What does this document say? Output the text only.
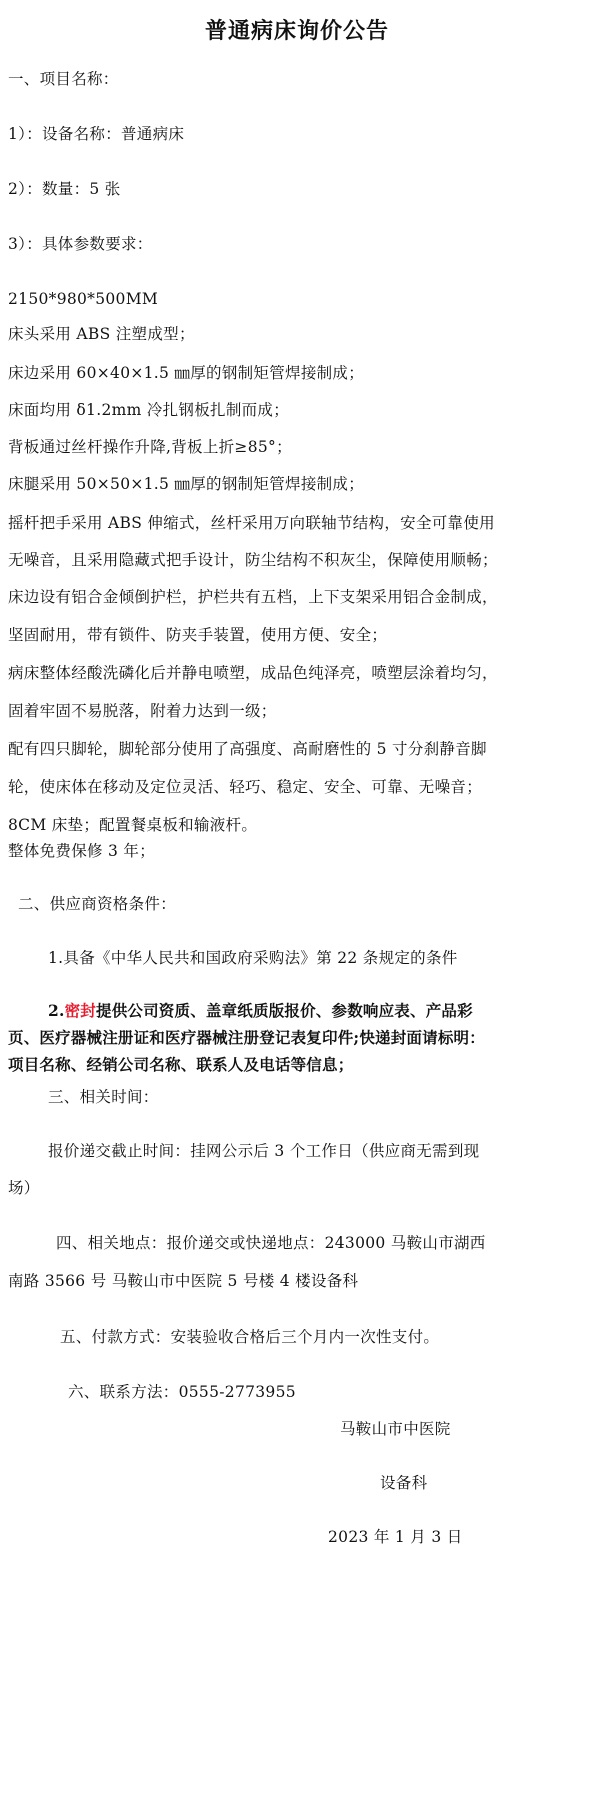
普通病床询价公告

一、项目名称：

1）：设备名称：普通病床

2）：数量：5 张

3）：具体参数要求：

2150*980*500MM

床头采用 ABS 注塑成型；

床边采用 60×40×1.5 ㎜厚的钢制矩管焊接制成；

床面均用 δ1.2mm 冷扎钢板扎制而成；

背板通过丝杆操作升降,背板上折≥85°；

床腿采用 50×50×1.5 ㎜厚的钢制矩管焊接制成；

摇杆把手采用 ABS 伸缩式，丝杆采用万向联轴节结构，安全可靠使用

无噪音，且采用隐藏式把手设计，防尘结构不积灰尘，保障使用顺畅；

床边设有铝合金倾倒护栏，护栏共有五档，上下支架采用铝合金制成，

坚固耐用，带有锁件、防夹手装置，使用方便、安全；

病床整体经酸洗磷化后并静电喷塑，成品色纯泽亮，喷塑层涂着均匀，

固着牢固不易脱落，附着力达到一级；

配有四只脚轮，脚轮部分使用了高强度、高耐磨性的 5 寸分刹静音脚

轮，使床体在移动及定位灵活、轻巧、稳定、安全、可靠、无噪音；

8CM 床垫；配置餐桌板和输液杆。

整体免费保修 3 年；

二、供应商资格条件：

1.具备《中华人民共和国政府采购法》第 22 条规定的条件

2.密封提供公司资质、盖章纸质版报价、参数响应表、产品彩

页、医疗器械注册证和医疗器械注册登记表复印件;快递封面请标明：

项目名称、经销公司名称、联系人及电话等信息；

三、相关时间：

报价递交截止时间：挂网公示后 3 个工作日（供应商无需到现

场）

四、相关地点：报价递交或快递地点：243000 马鞍山市湖西

南路 3566 号 马鞍山市中医院 5 号楼 4 楼设备科

五、付款方式：安装验收合格后三个月内一次性支付。

六、联系方法：0555-2773955

马鞍山市中医院

设备科

2023 年 1 月 3 日
